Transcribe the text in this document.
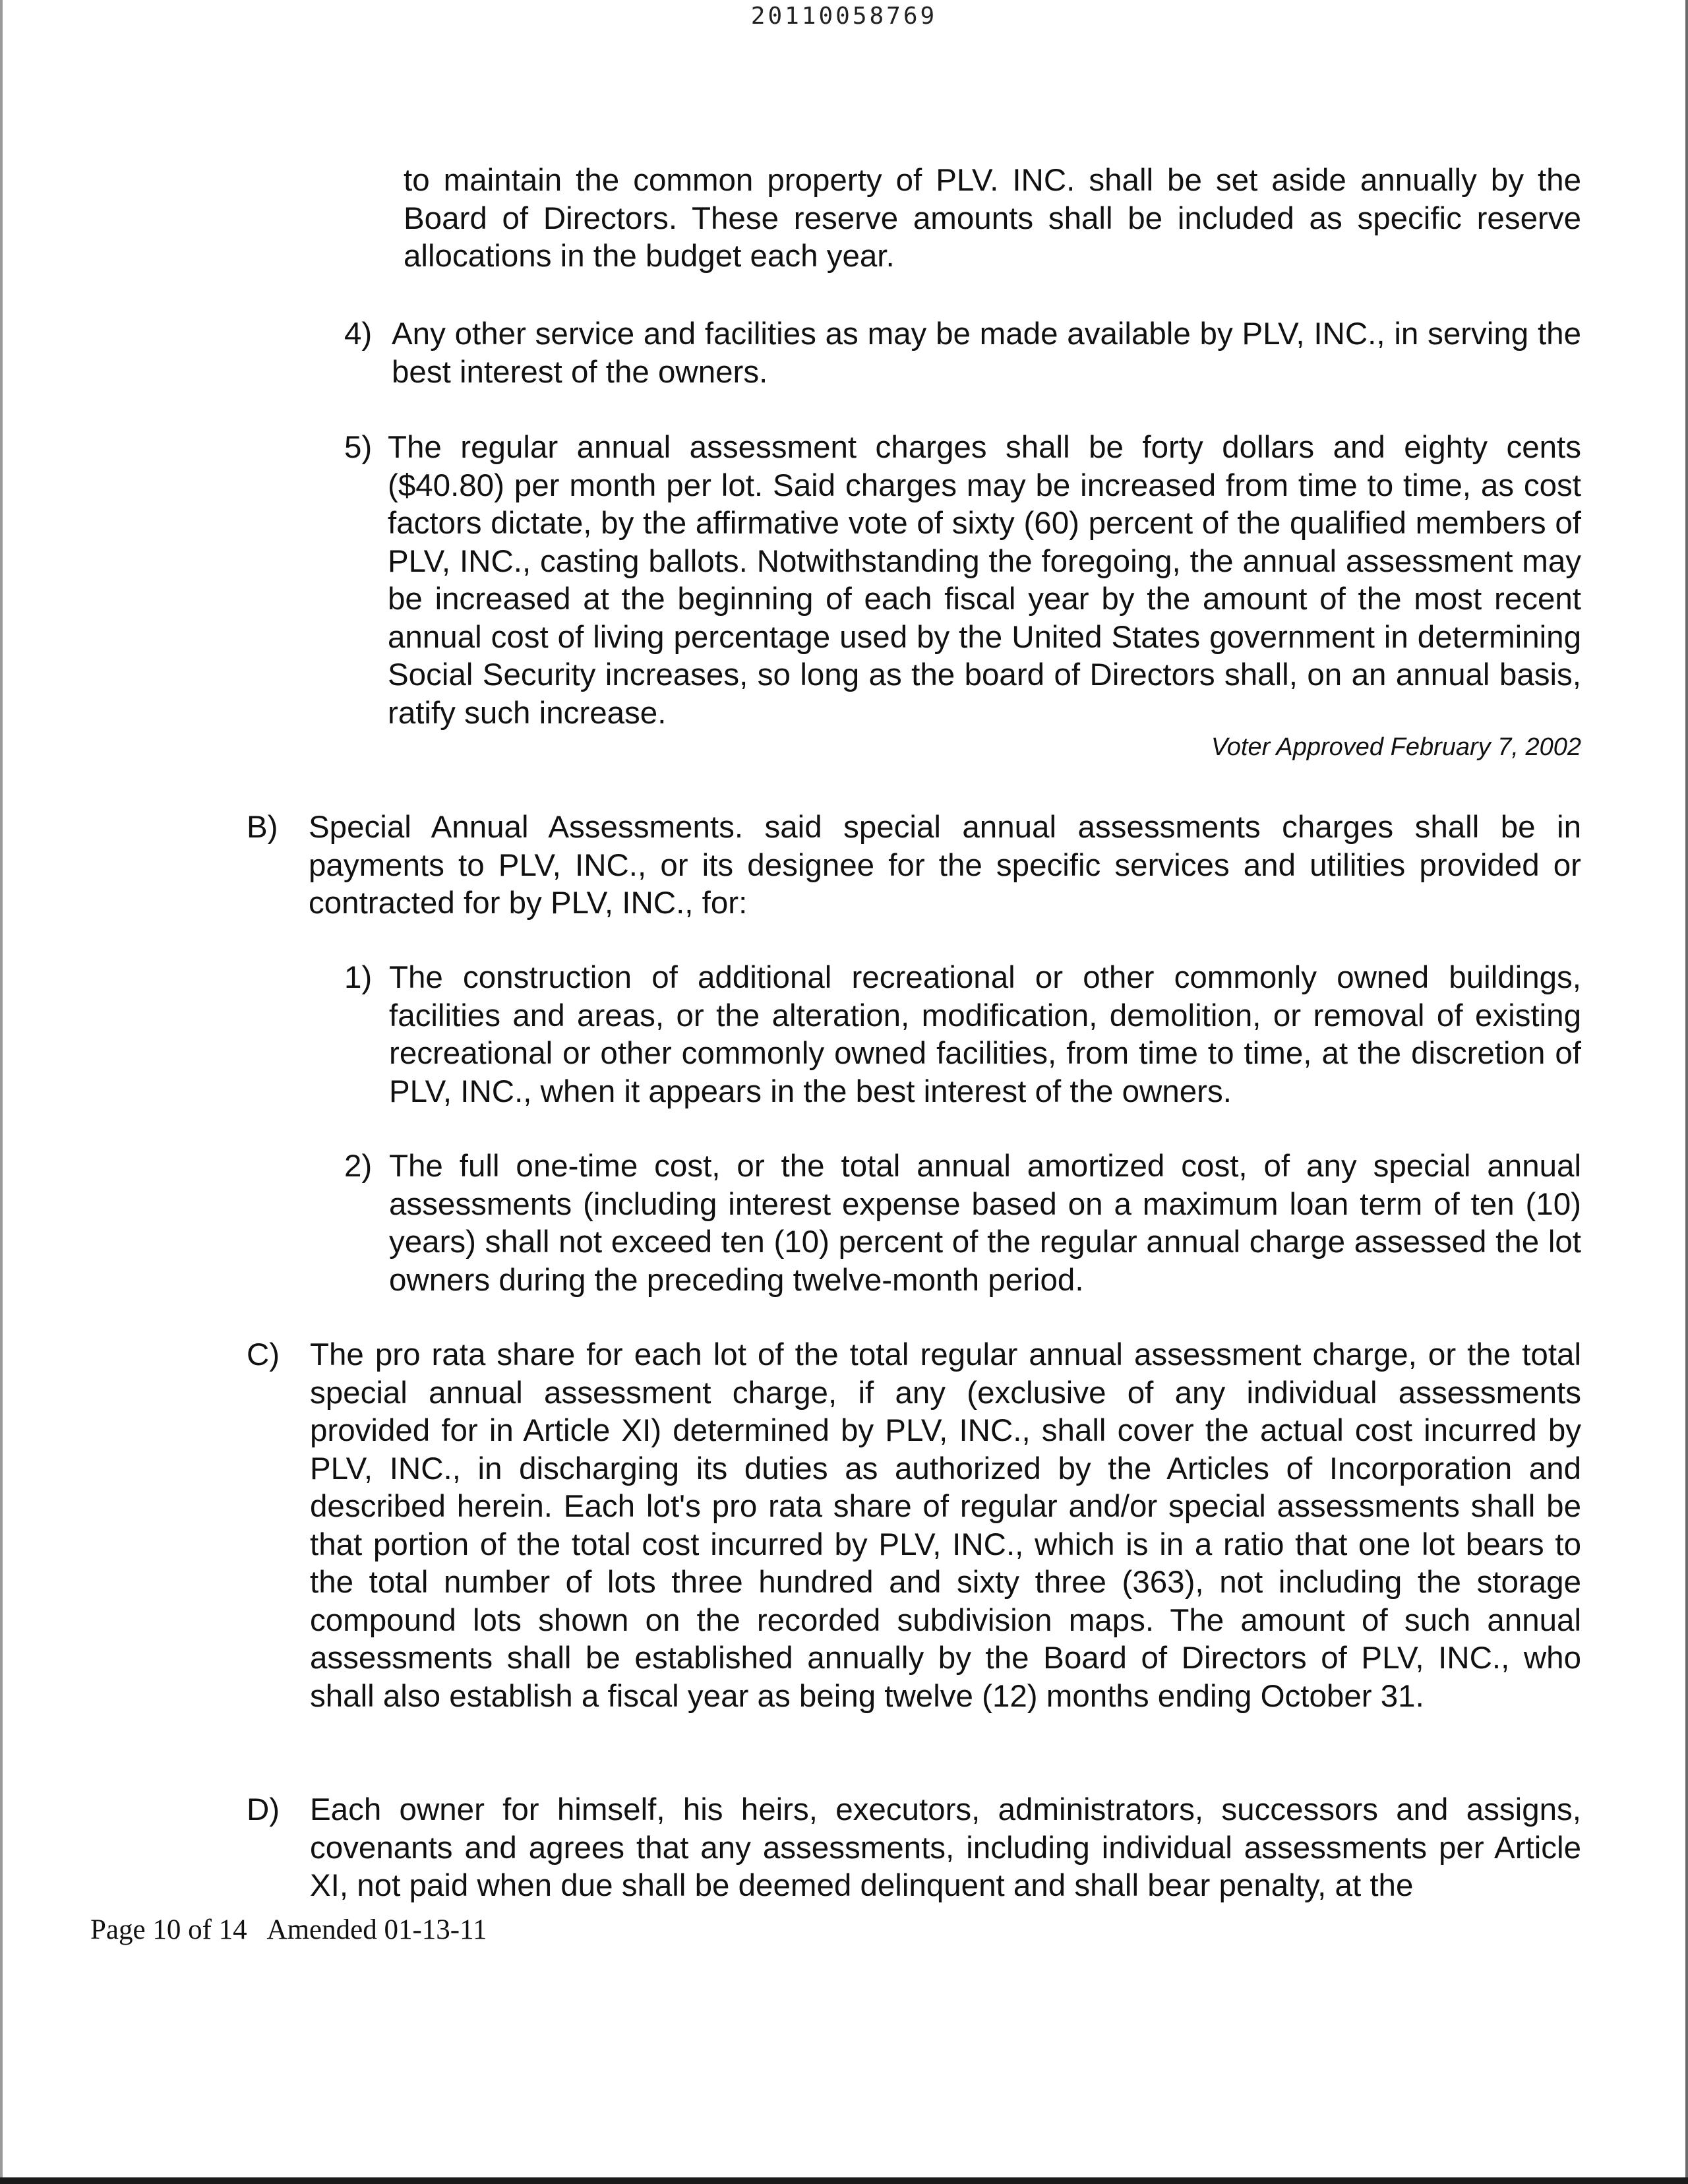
20110058769

to maintain the common property of PLV. INC. shall be set aside annually by the Board of Directors. These reserve amounts shall be included as specific reserve allocations in the budget each year.

4) Any other service and facilities as may be made available by PLV, INC., in serving the best interest of the owners.

5) The regular annual assessment charges shall be forty dollars and eighty cents ($40.80) per month per lot. Said charges may be increased from time to time, as cost factors dictate, by the affirmative vote of sixty (60) percent of the qualified members of PLV, INC., casting ballots. Notwithstanding the foregoing, the annual assessment may be increased at the beginning of each fiscal year by the amount of the most recent annual cost of living percentage used by the United States government in determining Social Security increases, so long as the board of Directors shall, on an annual basis, ratify such increase.

Voter Approved February 7, 2002
B) Special Annual Assessments. said special annual assessments charges shall be in payments to PLV, INC., or its designee for the specific services and utilities provided or contracted for by PLV, INC., for:

1) The construction of additional recreational or other commonly owned buildings, facilities and areas, or the alteration, modification, demolition, or removal of existing recreational or other commonly owned facilities, from time to time, at the discretion of PLV, INC., when it appears in the best interest of the owners.

2) The full one-time cost, or the total annual amortized cost, of any special annual assessments (including interest expense based on a maximum loan term of ten (10) years) shall not exceed ten (10) percent of the regular annual charge assessed the lot owners during the preceding twelve-month period.

C) The pro rata share for each lot of the total regular annual assessment charge, or the total special annual assessment charge, if any (exclusive of any individual assessments provided for in Article XI) determined by PLV, INC., shall cover the actual cost incurred by PLV, INC., in discharging its duties as authorized by the Articles of Incorporation and described herein. Each lot's pro rata share of regular and/or special assessments shall be that portion of the total cost incurred by PLV, INC., which is in a ratio that one lot bears to the total number of lots three hundred and sixty three (363), not including the storage compound lots shown on the recorded subdivision maps. The amount of such annual assessments shall be established annually by the Board of Directors of PLV, INC., who shall also establish a fiscal year as being twelve (12) months ending October 31.

D) Each owner for himself, his heirs, executors, administrators, successors and assigns, covenants and agrees that any assessments, including individual assessments per Article XI, not paid when due shall be deemed delinquent and shall bear penalty, at the

Page 10 of 14   Amended 01-13-11
